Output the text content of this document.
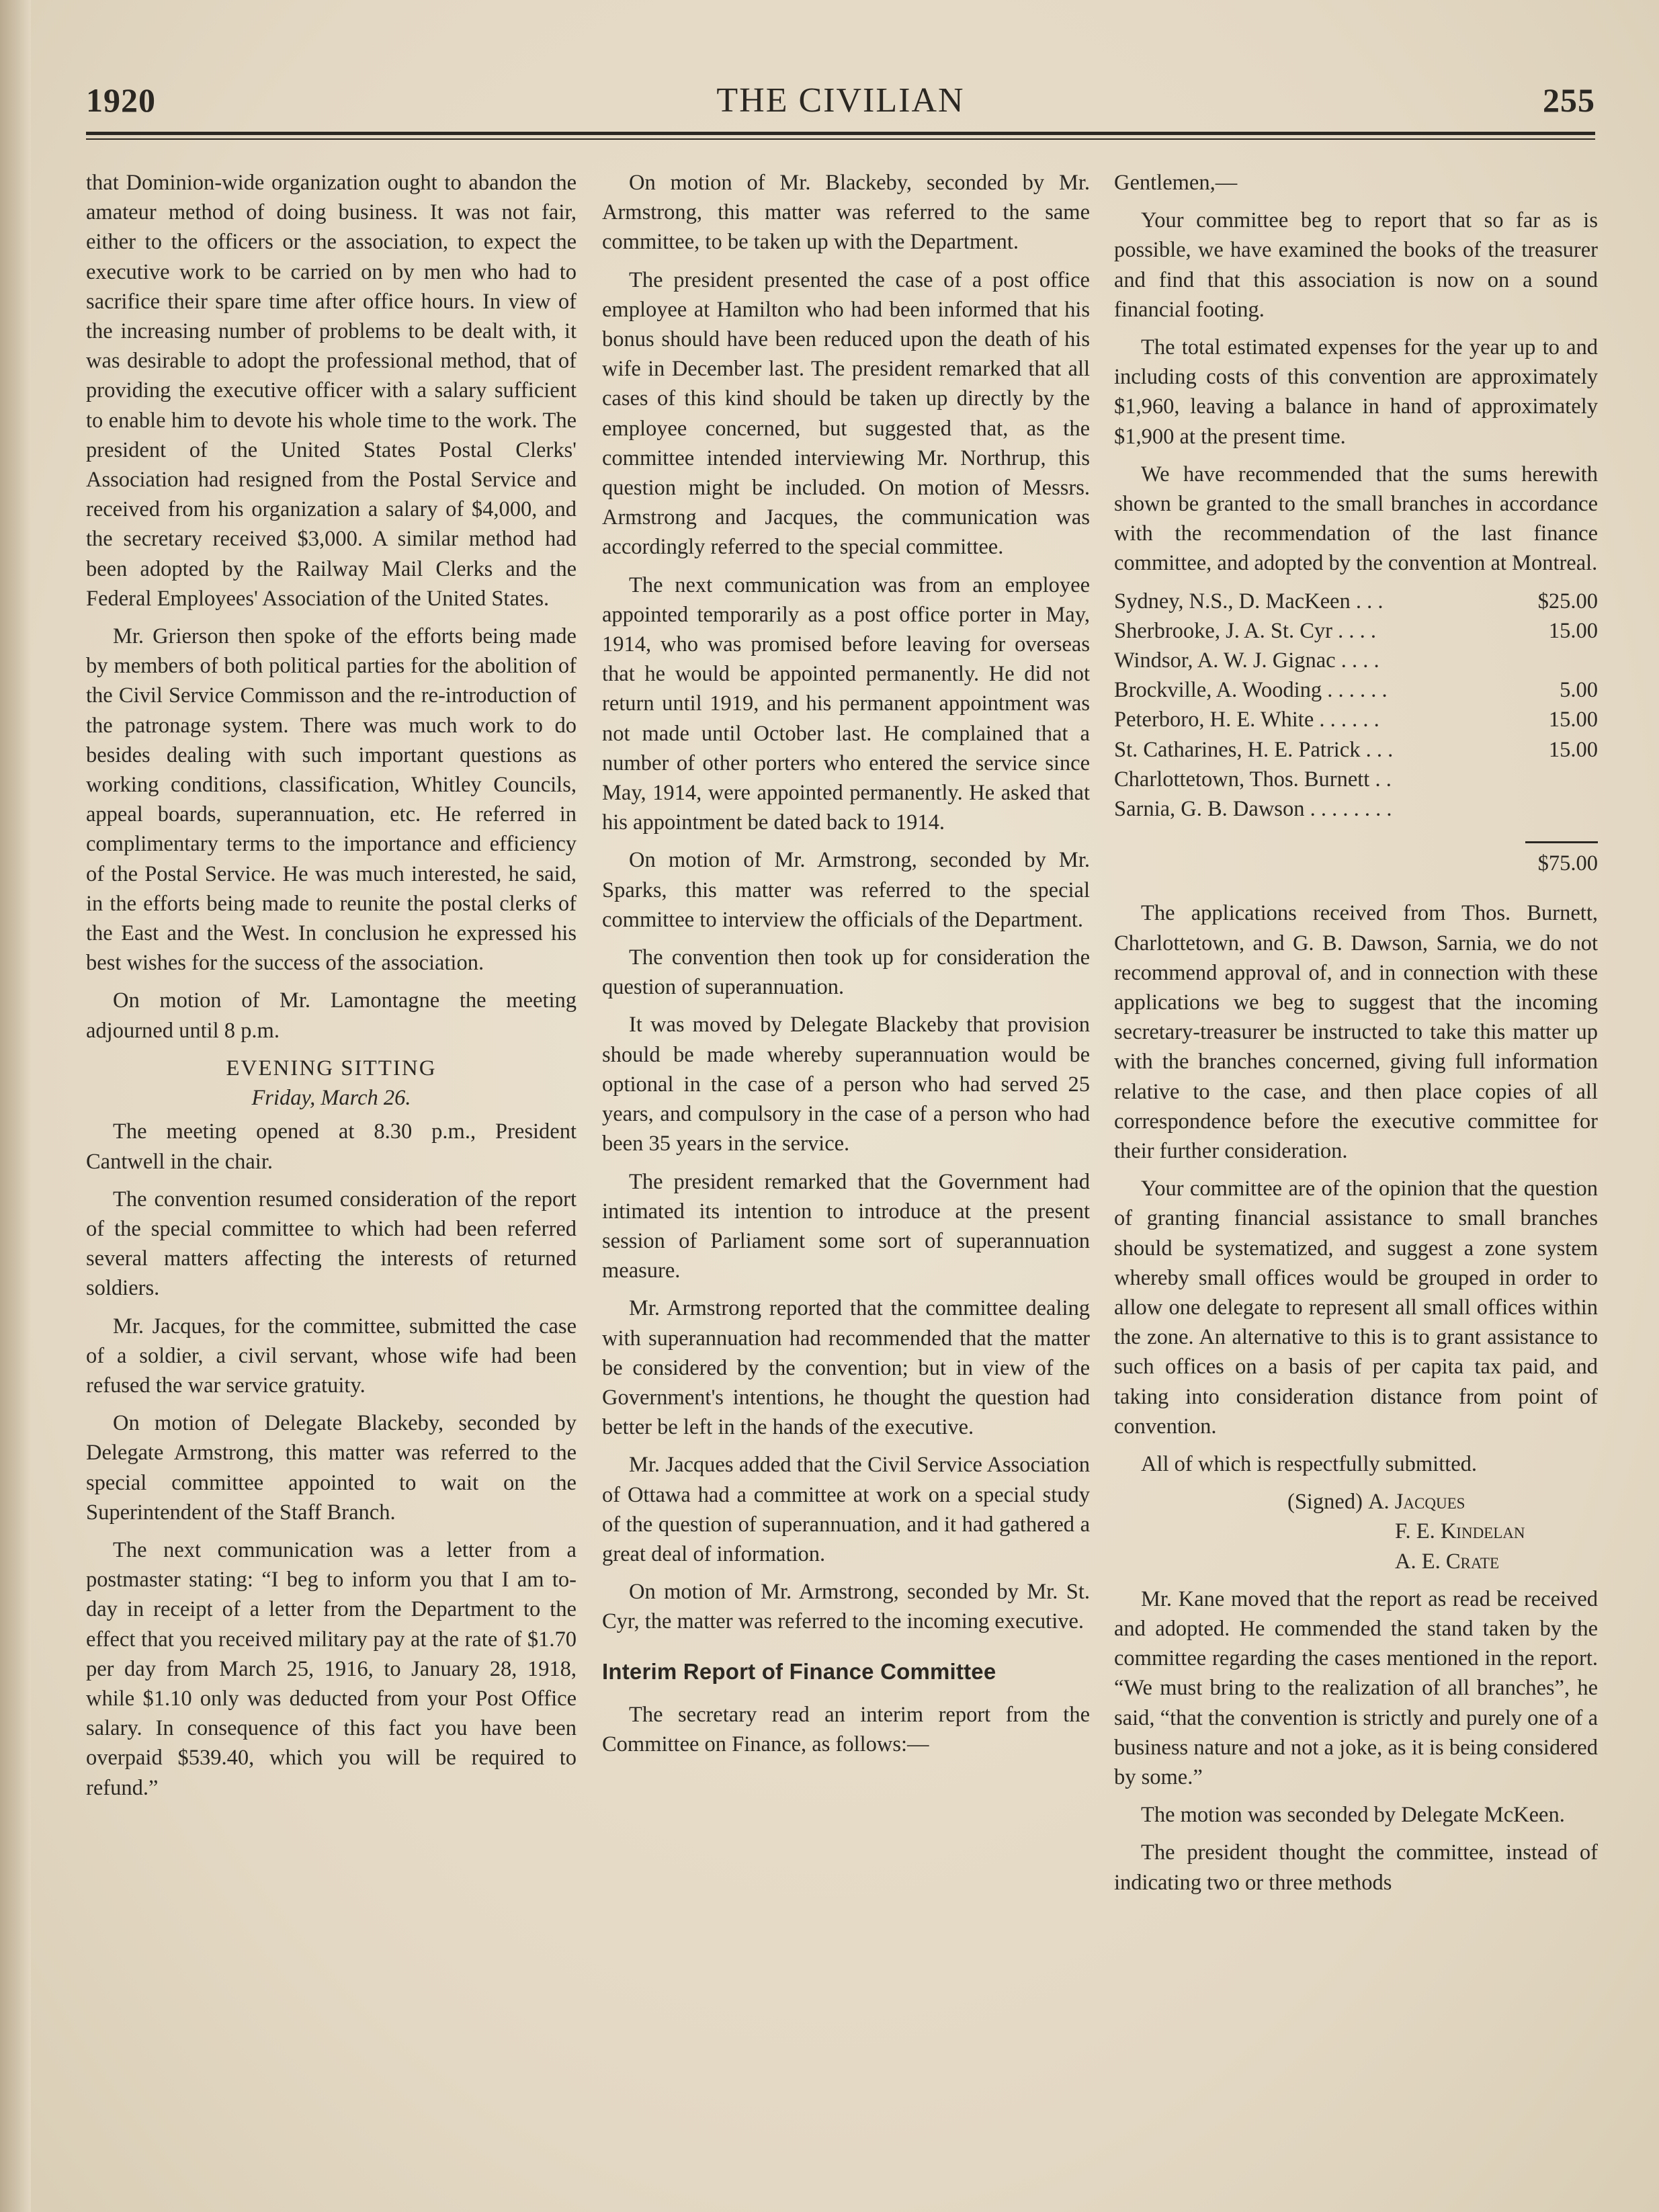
1920	THE CIVILIAN	255

that Dominion-wide organization ought to abandon the amateur method of doing business. It was not fair, either to the officers or the association, to expect the executive work to be carried on by men who had to sacrifice their spare time after office hours. In view of the increasing number of problems to be dealt with, it was desirable to adopt the professional method, that of providing the executive officer with a salary sufficient to enable him to devote his whole time to the work. The president of the United States Postal Clerks' Association had resigned from the Postal Service and received from his organization a salary of $4,000, and the secretary received $3,000. A similar method had been adopted by the Railway Mail Clerks and the Federal Employees' Association of the United States.

Mr. Grierson then spoke of the efforts being made by members of both political parties for the abolition of the Civil Service Commisson and the re-introduction of the patronage system. There was much work to do besides dealing with such important questions as working conditions, classification, Whitley Councils, appeal boards, superannuation, etc. He referred in complimentary terms to the importance and efficiency of the Postal Service. He was much interested, he said, in the efforts being made to reunite the postal clerks of the East and the West. In conclusion he expressed his best wishes for the success of the association.

On motion of Mr. Lamontagne the meeting adjourned until 8 p.m.

EVENING SITTING
Friday, March 26.

The meeting opened at 8.30 p.m., President Cantwell in the chair.

The convention resumed consideration of the report of the special committee to which had been referred several matters affecting the interests of returned soldiers.

Mr. Jacques, for the committee, submitted the case of a soldier, a civil servant, whose wife had been refused the war service gratuity.

On motion of Delegate Blackeby, seconded by Delegate Armstrong, this matter was referred to the special committee appointed to wait on the Superintendent of the Staff Branch.

The next communication was a letter from a postmaster stating: “I beg to inform you that I am to-day in receipt of a letter from the Department to the effect that you received military pay at the rate of $1.70 per day from March 25, 1916, to January 28, 1918, while $1.10 only was deducted from your Post Office salary. In consequence of this fact you have been overpaid $539.40, which you will be required to refund.”

On motion of Mr. Blackeby, seconded by Mr. Armstrong, this matter was referred to the same committee, to be taken up with the Department.

The president presented the case of a post office employee at Hamilton who had been informed that his bonus should have been reduced upon the death of his wife in December last. The president remarked that all cases of this kind should be taken up directly by the employee concerned, but suggested that, as the committee intended interviewing Mr. Northrup, this question might be included. On motion of Messrs. Armstrong and Jacques, the communication was accordingly referred to the special committee.

The next communication was from an employee appointed temporarily as a post office porter in May, 1914, who was promised before leaving for overseas that he would be appointed permanently. He did not return until 1919, and his permanent appointment was not made until October last. He complained that a number of other porters who entered the service since May, 1914, were appointed permanently. He asked that his appointment be dated back to 1914.

On motion of Mr. Armstrong, seconded by Mr. Sparks, this matter was referred to the special committee to interview the officials of the Department.

The convention then took up for consideration the question of superannuation.

It was moved by Delegate Blackeby that provision should be made whereby superannuation would be optional in the case of a person who had served 25 years, and compulsory in the case of a person who had been 35 years in the service.

The president remarked that the Government had intimated its intention to introduce at the present session of Parliament some sort of superannuation measure.

Mr. Armstrong reported that the committee dealing with superannuation had recommended that the matter be considered by the convention; but in view of the Government's intentions, he thought the question had better be left in the hands of the executive.

Mr. Jacques added that the Civil Service Association of Ottawa had a committee at work on a special study of the question of superannuation, and it had gathered a great deal of information.

On motion of Mr. Armstrong, seconded by Mr. St. Cyr, the matter was referred to the incoming executive.

Interim Report of Finance Committee

The secretary read an interim report from the Committee on Finance, as follows:—

Gentlemen,—

Your committee beg to report that so far as is possible, we have examined the books of the treasurer and find that this association is now on a sound financial footing.

The total estimated expenses for the year up to and including costs of this convention are approximately $1,960, leaving a balance in hand of approximately $1,900 at the present time.

We have recommended that the sums herewith shown be granted to the small branches in accordance with the recommendation of the last finance committee, and adopted by the convention at Montreal.

Sydney, N.S., D. MacKeen . . .	$25.00
Sherbrooke, J. A. St. Cyr . . . .	15.00
Windsor, A. W. J. Gignac . . . .
Brockville, A. Wooding . . . . . .	5.00
Peterboro, H. E. White . . . . . .	15.00
St. Catharines, H. E. Patrick . . .	15.00
Charlottetown, Thos. Burnett . .
Sarnia, G. B. Dawson . . . . . . . .
$75.00

The applications received from Thos. Burnett, Charlottetown, and G. B. Dawson, Sarnia, we do not recommend approval of, and in connection with these applications we beg to suggest that the incoming secretary-treasurer be instructed to take this matter up with the branches concerned, giving full information relative to the case, and then place copies of all correspondence before the executive committee for their further consideration.

Your committee are of the opinion that the question of granting financial assistance to small branches should be systematized, and suggest a zone system whereby small offices would be grouped in order to allow one delegate to represent all small offices within the zone. An alternative to this is to grant assistance to such offices on a basis of per capita tax paid, and taking into consideration distance from point of convention.

All of which is respectfully submitted.

(Signed) A. Jacques
F. E. Kindelan
A. E. Crate

Mr. Kane moved that the report as read be received and adopted. He commended the stand taken by the committee regarding the cases mentioned in the report. “We must bring to the realization of all branches”, he said, “that the convention is strictly and purely one of a business nature and not a joke, as it is being considered by some.”

The motion was seconded by Delegate McKeen.

The president thought the committee, instead of indicating two or three methods
